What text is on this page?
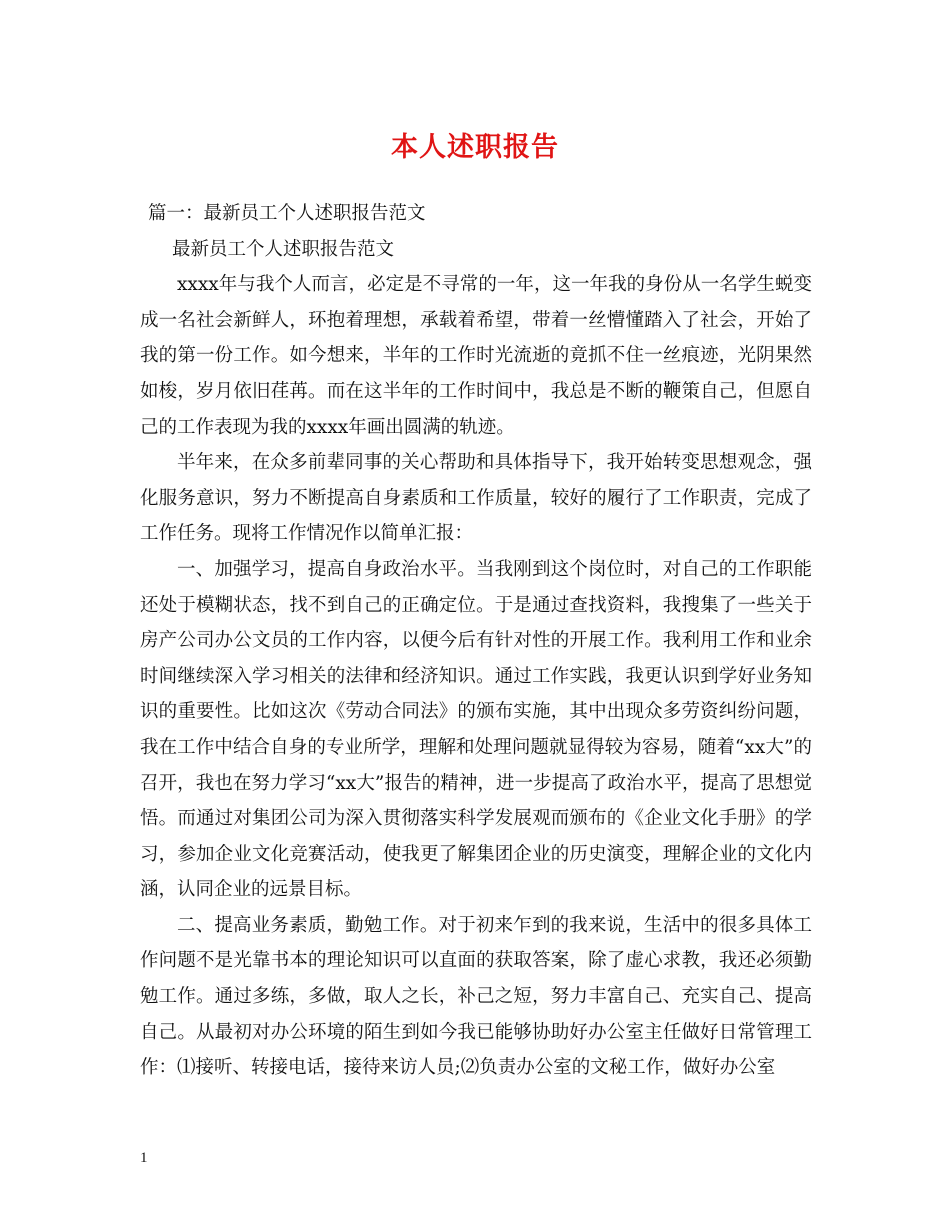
本人述职报告

篇一：最新员工个人述职报告范文

最新员工个人述职报告范文

xxxx年与我个人而言，必定是不寻常的一年，这一年我的身份从一名学生蜕变成一名社会新鲜人，环抱着理想，承载着希望，带着一丝懵懂踏入了社会，开始了我的第一份工作。如今想来，半年的工作时光流逝的竟抓不住一丝痕迹，光阴果然如梭，岁月依旧荏苒。而在这半年的工作时间中，我总是不断的鞭策自己，但愿自己的工作表现为我的xxxx年画出圆满的轨迹。

半年来，在众多前辈同事的关心帮助和具体指导下，我开始转变思想观念，强化服务意识，努力不断提高自身素质和工作质量，较好的履行了工作职责，完成了工作任务。现将工作情况作以简单汇报：

一、加强学习，提高自身政治水平。当我刚到这个岗位时，对自己的工作职能还处于模糊状态，找不到自己的正确定位。于是通过查找资料，我搜集了一些关于房产公司办公文员的工作内容，以便今后有针对性的开展工作。我利用工作和业余时间继续深入学习相关的法律和经济知识。通过工作实践，我更认识到学好业务知识的重要性。比如这次《劳动合同法》的颁布实施，其中出现众多劳资纠纷问题，我在工作中结合自身的专业所学，理解和处理问题就显得较为容易，随着“xx大”的召开，我也在努力学习“xx大”报告的精神，进一步提高了政治水平，提高了思想觉悟。而通过对集团公司为深入贯彻落实科学发展观而颁布的《企业文化手册》的学习，参加企业文化竞赛活动，使我更了解集团企业的历史演变，理解企业的文化内涵，认同企业的远景目标。

二、提高业务素质，勤勉工作。对于初来乍到的我来说，生活中的很多具体工作问题不是光靠书本的理论知识可以直面的获取答案，除了虚心求教，我还必须勤勉工作。通过多练，多做，取人之长，补己之短，努力丰富自己、充实自己、提高自己。从最初对办公环境的陌生到如今我已能够协助好办公室主任做好日常管理工作：⑴接听、转接电话，接待来访人员;⑵负责办公室的文秘工作，做好办公室

1
